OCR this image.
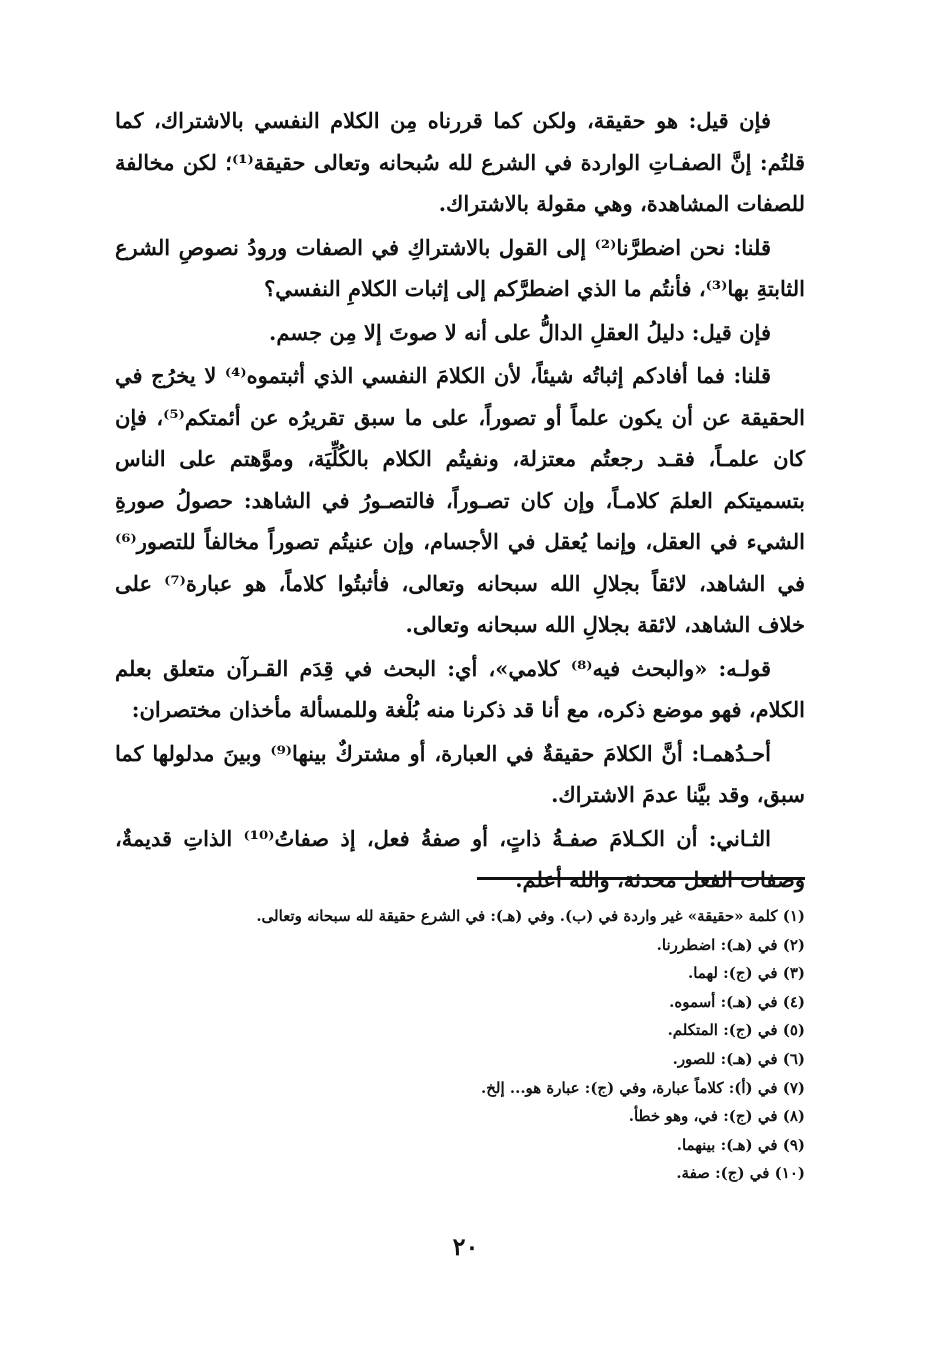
فإن قيل: هو حقيقة، ولكن كما قررناه مِن الكلام النفسي بالاشتراك، كما قلتُم: إنَّ الصفـاتِ الواردة في الشرع لله سُبحانه وتعالى حقيقة⁽¹⁾؛ لكن مخالفة للصفات المشاهدة، وهي مقولة بالاشتراك.

قلنا: نحن اضطرَّنا⁽²⁾ إلى القول بالاشتراكِ في الصفات ورودُ نصوصِ الشرع الثابتةِ بها⁽³⁾، فأنتُم ما الذي اضطرَّكم إلى إثبات الكلامِ النفسي؟

فإن قيل: دليلُ العقلِ الدالُّ على أنه لا صوتَ إلا مِن جسم.

قلنا: فما أفادكم إثباتُه شيئاً، لأن الكلامَ النفسي الذي أثبتموه⁽⁴⁾ لا يخرُج في الحقيقة عن أن يكون علماً أو تصوراً، على ما سبق تقريرُه عن أئمتكم⁽⁵⁾، فإن كان علمـاً، فقـد رجعتُم معتزلة، ونفيتُم الكلام بالكُلِّيَة، وموَّهتم على الناس بتسميتكم العلمَ كلامـاً، وإن كان تصـوراً، فالتصـورُ في الشاهد: حصولُ صورةِ الشيء في العقل، وإنما يُعقل في الأجسام، وإن عنيتُم تصوراً مخالفاً للتصور⁽⁶⁾ في الشاهد، لائقاً بجلالِ الله سبحانه وتعالى، فأثبتُوا كلاماً، هو عبارة⁽⁷⁾ على خلاف الشاهد، لائقة بجلالِ الله سبحانه وتعالى.

قولـه: «والبحث فيه⁽⁸⁾ كلامي»، أي: البحث في قِدَم القـرآن متعلق بعلم الكلام، فهو موضع ذكره، مع أنا قد ذكرنا منه بُلْغة وللمسألة مأخذان مختصران:

أحـدُهمـا: أنَّ الكلامَ حقيقةٌ في العبارة، أو مشتركٌ بينها⁽⁹⁾ وبينَ مدلولها كما سبق، وقد بيَّنا عدمَ الاشتراك.

الثـاني: أن الكـلامَ صفـةُ ذاتٍ، أو صفةُ فعل، إذ صفاتُ⁽¹⁰⁾ الذاتِ قديمةٌ، وصفات الفعل محدثة، والله أعلم.

(١) كلمة «حقيقة» غير واردة في (ب). وفي (هـ): في الشرع حقيقة لله سبحانه وتعالى.
(٢) في (هـ): اضطررنا.
(٣) في (ج): لهما.
(٤) في (هـ): أسموه.
(٥) في (ج): المتكلم.
(٦) في (هـ): للصور.
(٧) في (أ): كلاماً عبارة، وفي (ج): عبارة هو... إلخ.
(٨) في (ج): في، وهو خطأ.
(٩) في (هـ): بينهما.
(١٠) في (ج): صفة.
٢٠
